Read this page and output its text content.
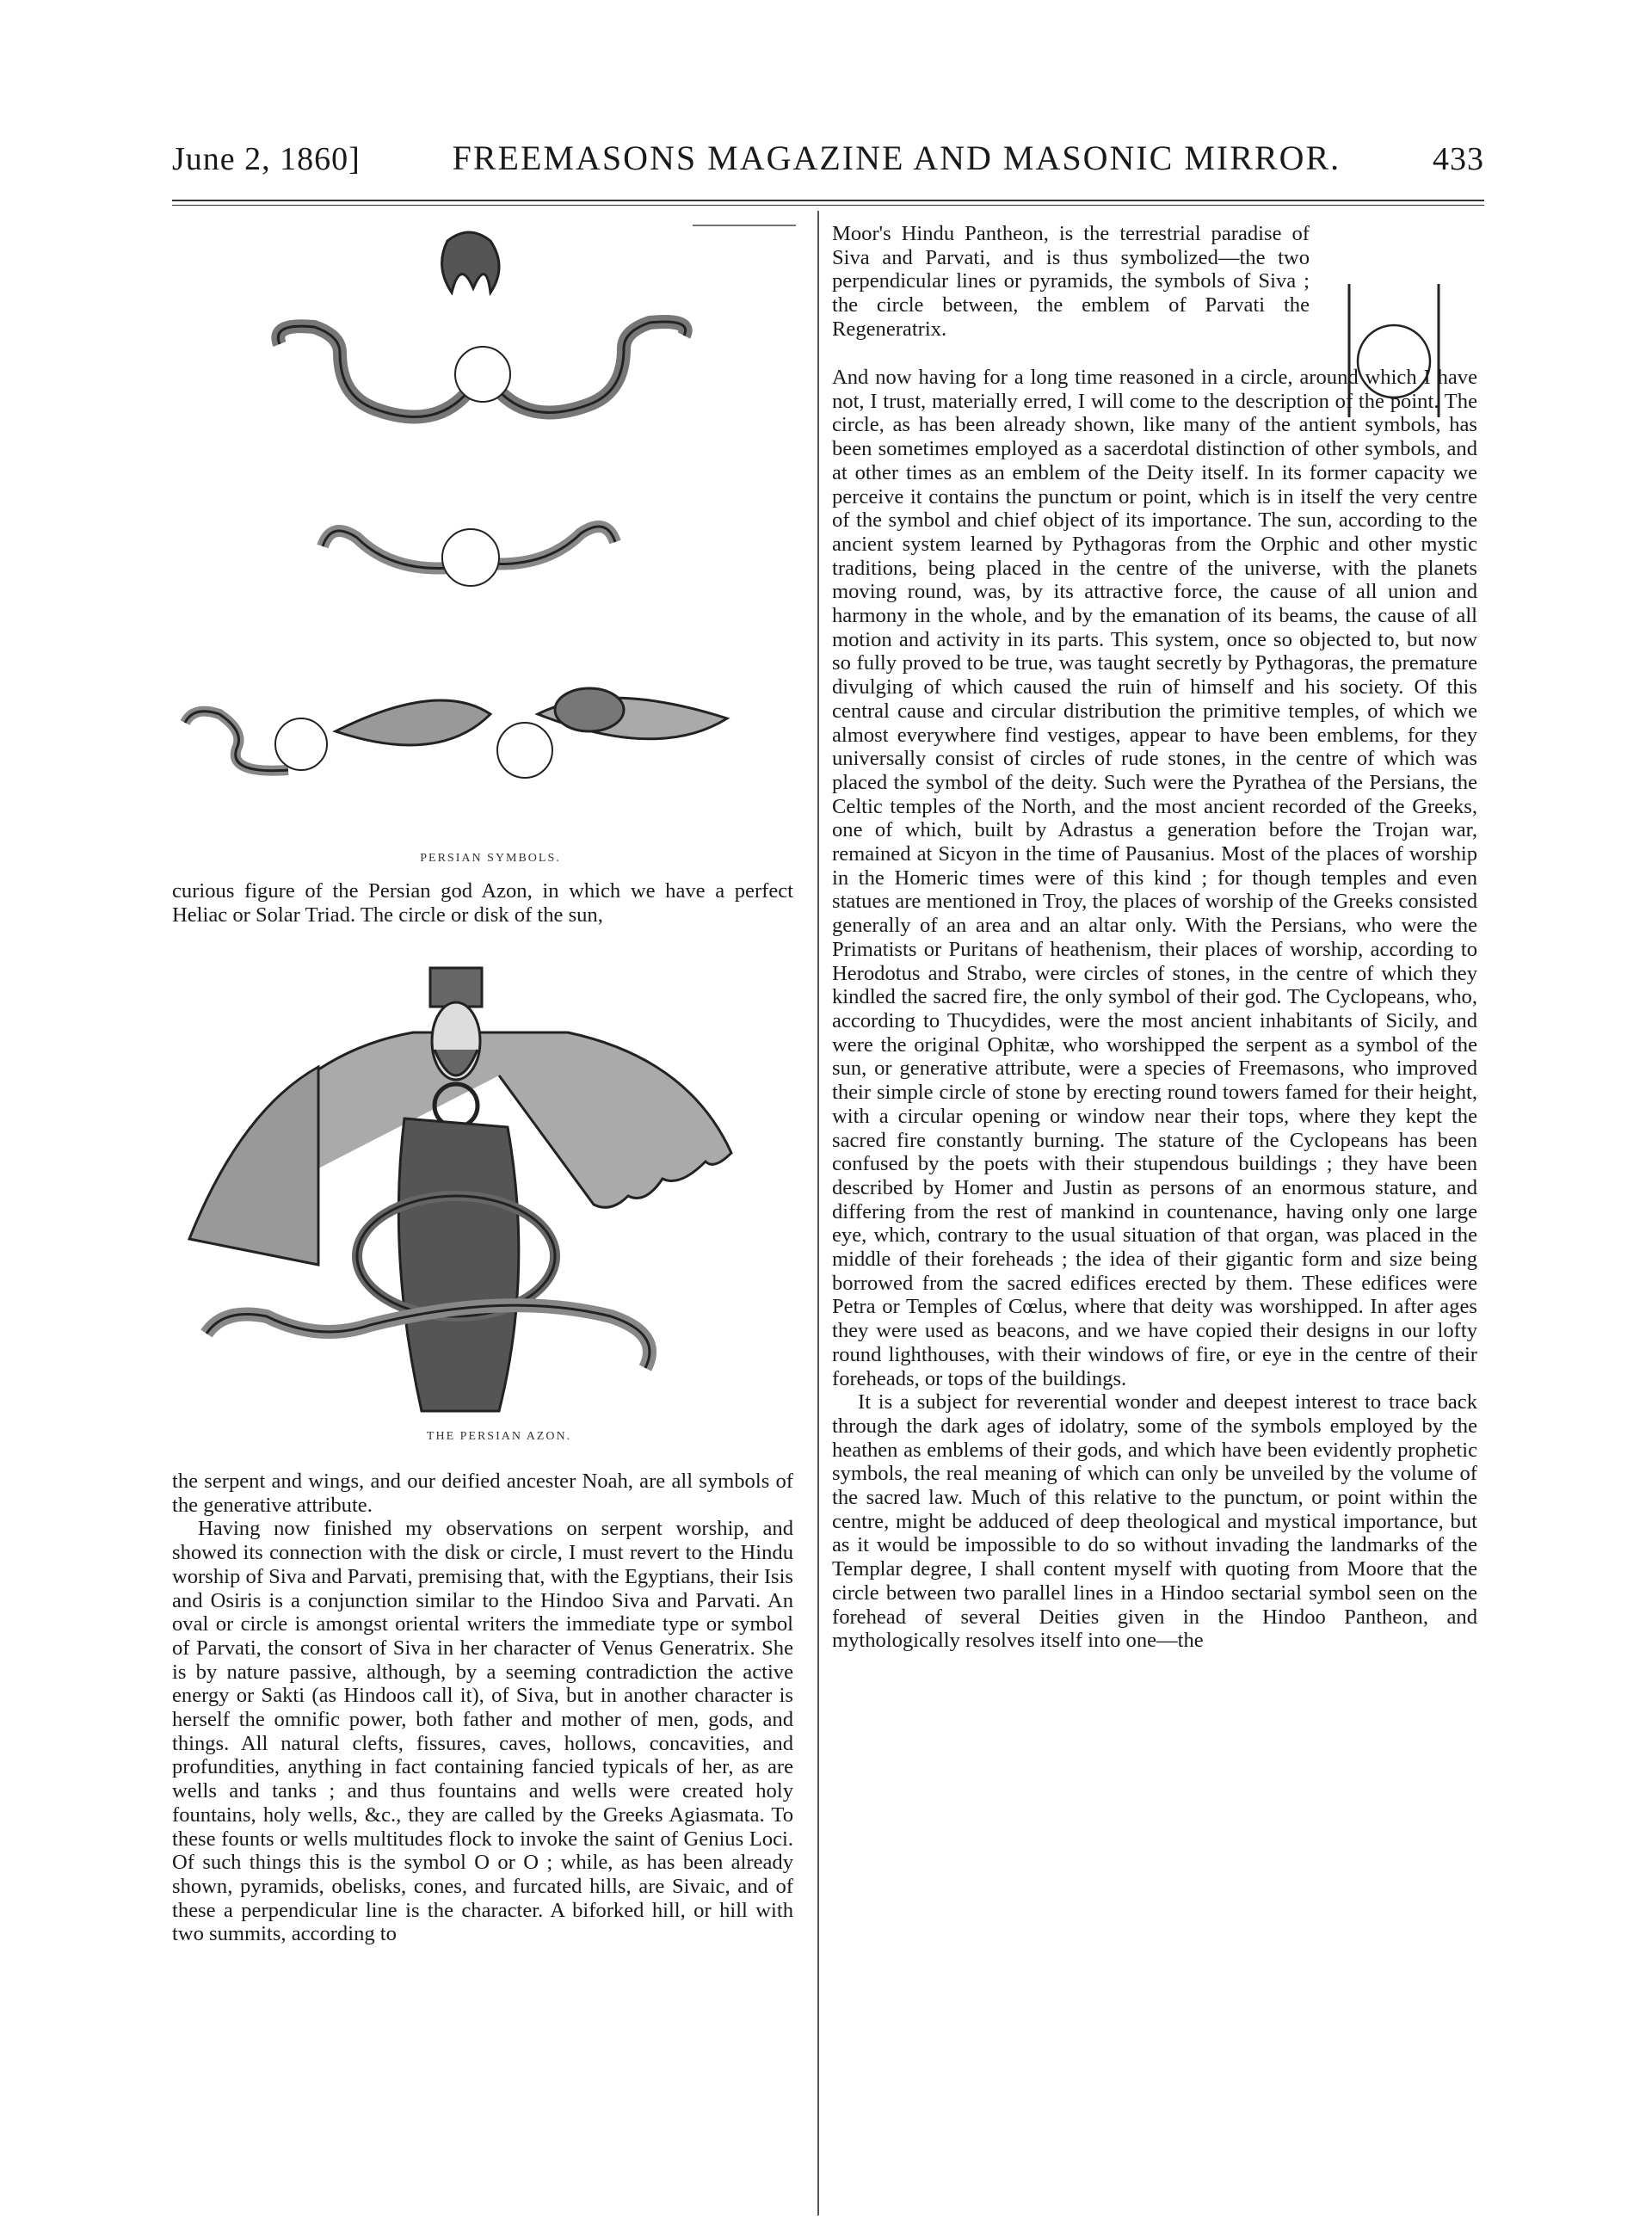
June 2, 1860]	FREEMASONS MAGAZINE AND MASONIC MIRROR.	433
PERSIAN SYMBOLS.

curious figure of the Persian god Azon, in which we have a perfect Heliac or Solar Triad. The circle or disk of the sun,

THE PERSIAN AZON.

the serpent and wings, and our deified ancester Noah, are all symbols of the generative attribute.

Having now finished my observations on serpent worship, and showed its connection with the disk or circle, I must revert to the Hindu worship of Siva and Parvati, premising that, with the Egyptians, their Isis and Osiris is a conjunction similar to the Hindoo Siva and Parvati. An oval or circle is amongst oriental writers the immediate type or symbol of Parvati, the consort of Siva in her character of Venus Generatrix. She is by nature passive, although, by a seeming contradiction the active energy or Sakti (as Hindoos call it), of Siva, but in another character is herself the omnific power, both father and mother of men, gods, and things. All natural clefts, fissures, caves, hollows, concavities, and profundities, anything in fact containing fancied typicals of her, as are wells and tanks ; and thus fountains and wells were created holy fountains, holy wells, &c., they are called by the Greeks Agiasmata. To these founts or wells multitudes flock to invoke the saint of Genius Loci. Of such things this is the symbol O or O ; while, as has been already shown, pyramids, obelisks, cones, and furcated hills, are Sivaic, and of these a perpendicular line is the character. A biforked hill, or hill with two summits, according to

Moor's Hindu Pantheon, is the terrestrial paradise of Siva and Parvati, and is thus symbolized—the two perpendicular lines or pyramids, the symbols of Siva ; the circle between, the emblem of Parvati the Regeneratrix.

And now having for a long time reasoned in a circle, around which I have not, I trust, materially erred, I will come to the description of the point. The circle, as has been already shown, like many of the antient symbols, has been sometimes employed as a sacerdotal distinction of other symbols, and at other times as an emblem of the Deity itself. In its former capacity we perceive it contains the punctum or point, which is in itself the very centre of the symbol and chief object of its importance. The sun, according to the ancient system learned by Pythagoras from the Orphic and other mystic traditions, being placed in the centre of the universe, with the planets moving round, was, by its attractive force, the cause of all union and harmony in the whole, and by the emanation of its beams, the cause of all motion and activity in its parts. This system, once so objected to, but now so fully proved to be true, was taught secretly by Pythagoras, the premature divulging of which caused the ruin of himself and his society. Of this central cause and circular distribution the primitive temples, of which we almost everywhere find vestiges, appear to have been emblems, for they universally consist of circles of rude stones, in the centre of which was placed the symbol of the deity. Such were the Pyrathea of the Persians, the Celtic temples of the North, and the most ancient recorded of the Greeks, one of which, built by Adrastus a generation before the Trojan war, remained at Sicyon in the time of Pausanius. Most of the places of worship in the Homeric times were of this kind ; for though temples and even statues are mentioned in Troy, the places of worship of the Greeks consisted generally of an area and an altar only. With the Persians, who were the Primatists or Puritans of heathenism, their places of worship, according to Herodotus and Strabo, were circles of stones, in the centre of which they kindled the sacred fire, the only symbol of their god. The Cyclopeans, who, according to Thucydides, were the most ancient inhabitants of Sicily, and were the original Ophitæ, who worshipped the serpent as a symbol of the sun, or generative attribute, were a species of Freemasons, who improved their simple circle of stone by erecting round towers famed for their height, with a circular opening or window near their tops, where they kept the sacred fire constantly burning. The stature of the Cyclopeans has been confused by the poets with their stupendous buildings ; they have been described by Homer and Justin as persons of an enormous stature, and differing from the rest of mankind in countenance, having only one large eye, which, contrary to the usual situation of that organ, was placed in the middle of their foreheads ; the idea of their gigantic form and size being borrowed from the sacred edifices erected by them. These edifices were Petra or Temples of Cœlus, where that deity was worshipped. In after ages they were used as beacons, and we have copied their designs in our lofty round lighthouses, with their windows of fire, or eye in the centre of their foreheads, or tops of the buildings.

It is a subject for reverential wonder and deepest interest to trace back through the dark ages of idolatry, some of the symbols employed by the heathen as emblems of their gods, and which have been evidently prophetic symbols, the real meaning of which can only be unveiled by the volume of the sacred law. Much of this relative to the punctum, or point within the centre, might be adduced of deep theological and mystical importance, but as it would be impossible to do so without invading the landmarks of the Templar degree, I shall content myself with quoting from Moore that the circle between two parallel lines in a Hindoo sectarial symbol seen on the forehead of several Deities given in the Hindoo Pantheon, and mythologically resolves itself into one—the
